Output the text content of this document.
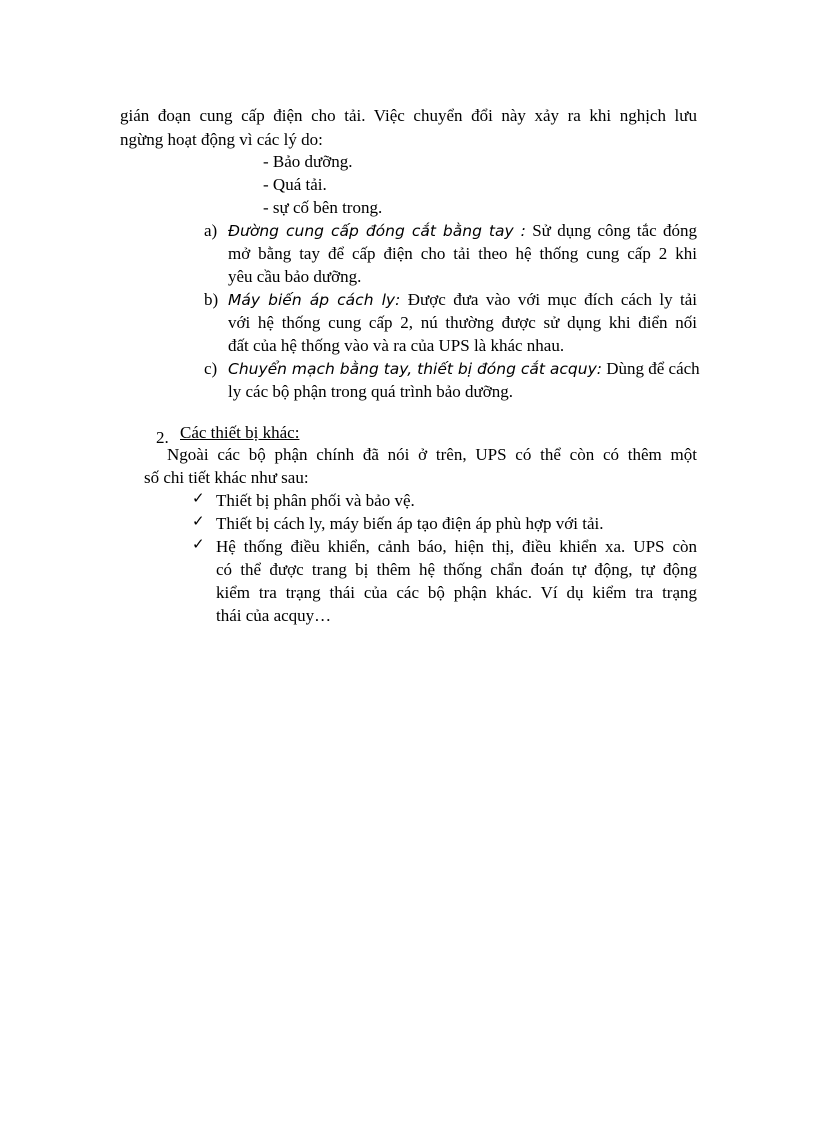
gián đoạn cung cấp điện cho tải. Việc chuyển đổi này xảy ra khi nghịch lưu
ngừng hoạt động vì các lý do:
- Bảo dưỡng.
- Quá tải.
- sự cố bên trong.
a) Đường cung cấp đóng cắt bằng tay : Sử dụng công tắc đóng
mở bằng tay để cấp điện cho tải theo hệ thống cung cấp 2 khi
yêu cầu bảo dưỡng.
b) Máy biến áp cách ly: Được đưa vào với mục đích cách ly tải
với hệ thống cung cấp 2, nú thường được sử dụng khi điển nối
đất của hệ thống vào và ra của UPS là khác nhau.
c) Chuyển mạch bằng tay, thiết bị đóng cắt acquy: Dùng để cách
ly các bộ phận trong quá trình bảo dưỡng.
2. Các thiết bị khác:
Ngoài các bộ phận chính đã nói ở trên, UPS có thể còn có thêm một
số chi tiết khác như sau:
✓ Thiết bị phân phối và bảo vệ.
✓ Thiết bị cách ly, máy biến áp tạo điện áp phù hợp với tải.
✓ Hệ thống điều khiển, cảnh báo, hiện thị, điều khiển xa. UPS còn
có thể được trang bị thêm hệ thống chẩn đoán tự động, tự động
kiểm tra trạng thái của các bộ phận khác. Ví dụ kiểm tra trạng
thái của acquy…
